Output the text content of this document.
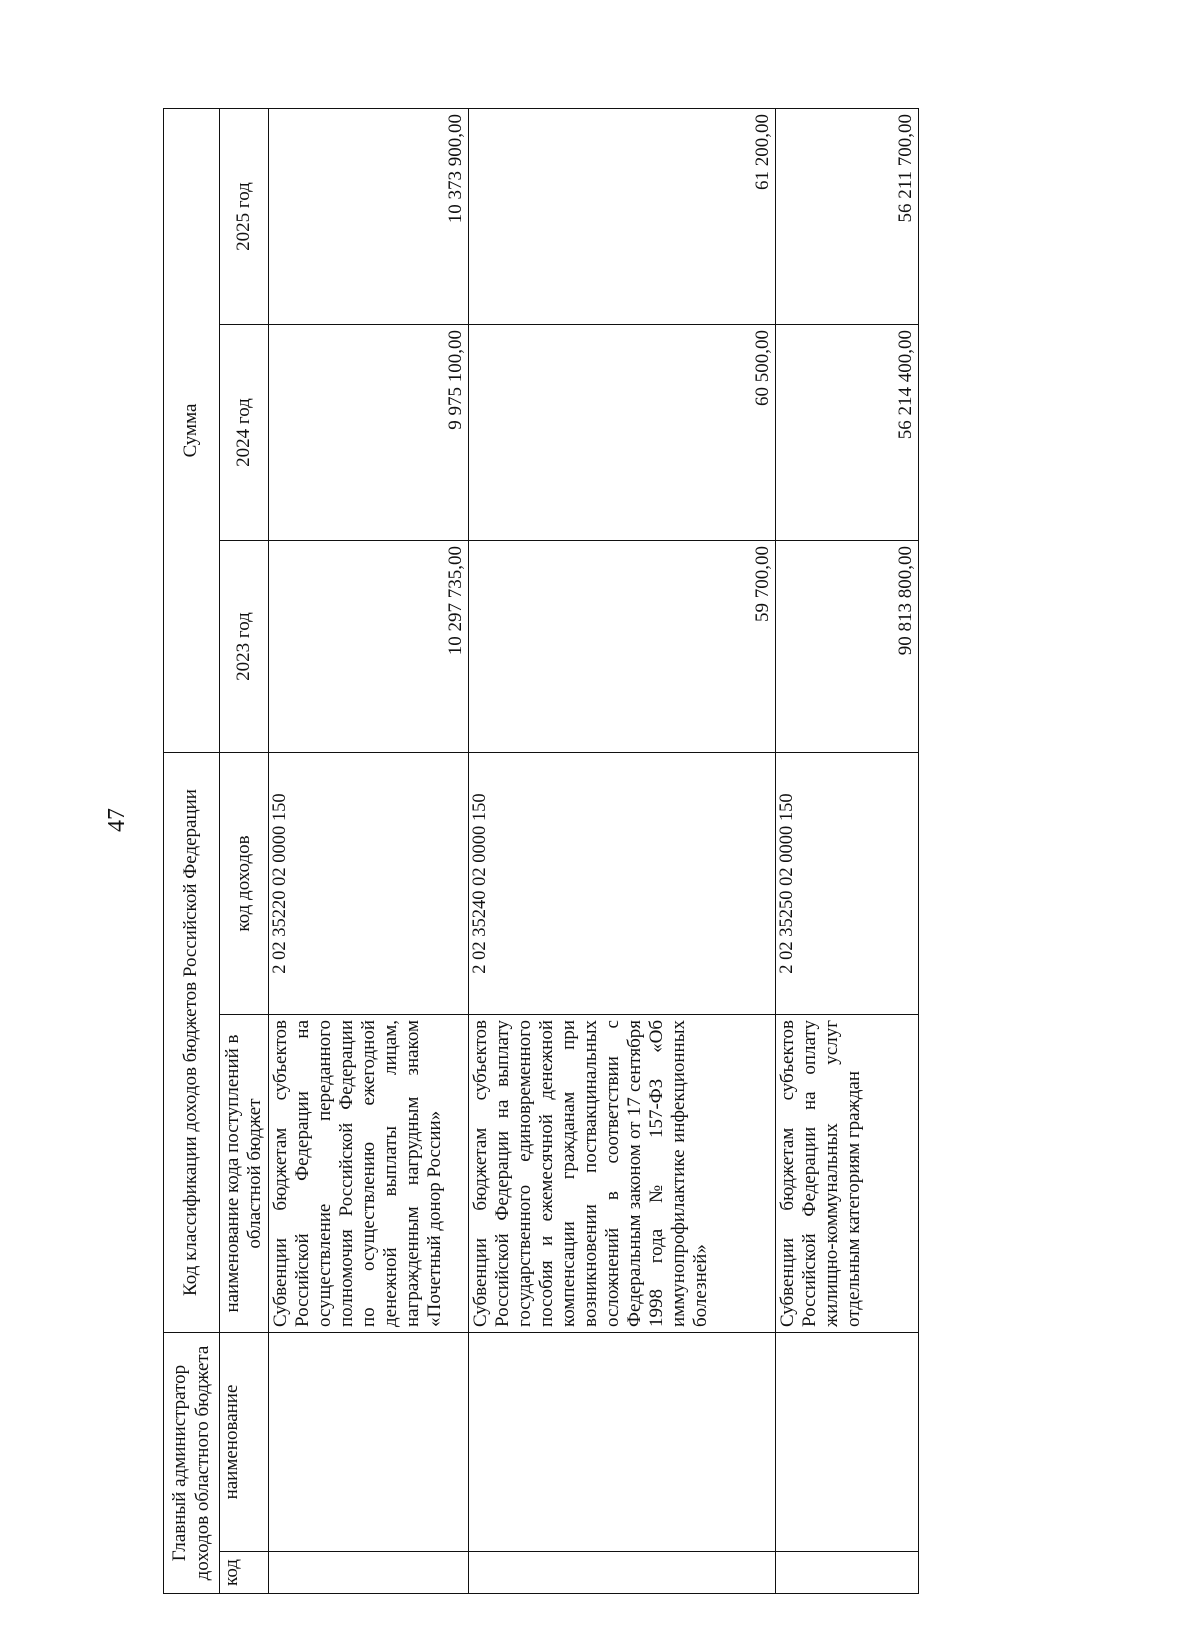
47
Главный администратор доходов областного бюджета		Код классификации доходов бюджетов Российской Федерации		Сумма		
код	наименование	наименование кода поступлений в областной бюджет	код доходов	2023 год	2024 год	2025 год
		Субвенции бюджетам субъектов Российской Федерации на осуществление переданного полномочия Российской Федерации по осуществлению ежегодной денежной выплаты лицам, награжденным нагрудным знаком «Почетный донор России»	2 02 35220 02 0000 150	10 297 735,00	9 975 100,00	10 373 900,00
		Субвенции бюджетам субъектов Российской Федерации на выплату государственного единовременного пособия и ежемесячной денежной компенсации гражданам при возникновении поствакцинальных осложнений в соответствии с Федеральным законом от 17 сентября 1998 года № 157-ФЗ «Об иммунопрофилактике инфекционных болезней»	2 02 35240 02 0000 150	59 700,00	60 500,00	61 200,00
		Субвенции бюджетам субъектов Российской Федерации на оплату жилищно-коммунальных услуг отдельным категориям граждан	2 02 35250 02 0000 150	90 813 800,00	56 214 400,00	56 211 700,00
